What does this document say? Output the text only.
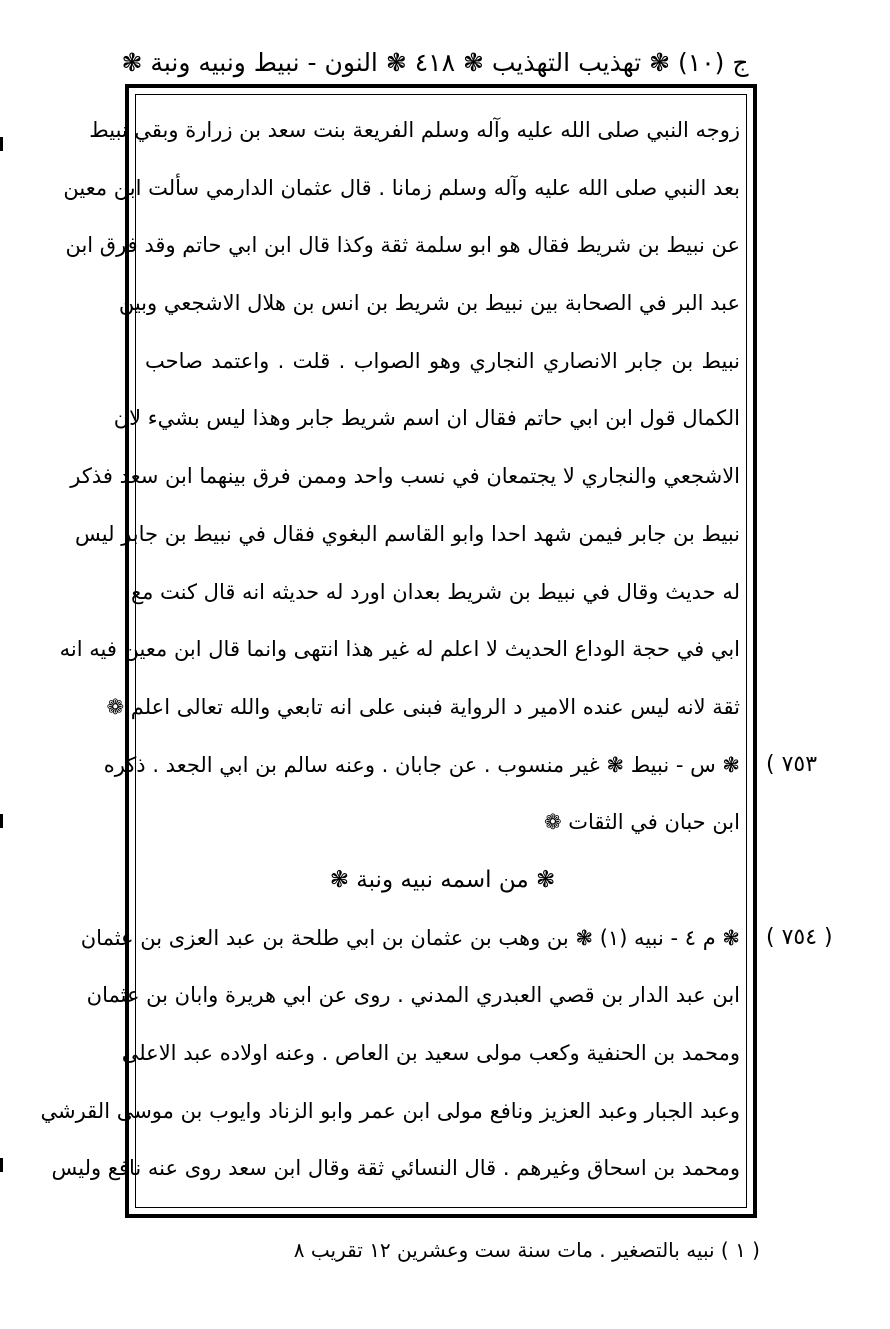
ج (١٠) ❃ تهذيب التهذيب ❃ ٤١٨ ❃ النون - نبيط ونبيه ونبة ❃
زوجه النبي صلى الله عليه وآله وسلم الفريعة بنت سعد بن زرارة وبقي نبيط
بعد النبي صلى الله عليه وآله وسلم زمانا . قال عثمان الدارمي سألت ابن معين
عن نبيط بن شريط فقال هو ابو سلمة ثقة وكذا قال ابن ابي حاتم وقد فرق ابن
عبد البر في الصحابة بين نبيط بن شريط بن انس بن هلال الاشجعي وبين
نبيط بن جابر الانصاري النجاري وهو الصواب . قلت . واعتمد صاحب
الكمال قول ابن ابي حاتم فقال ان اسم شريط جابر وهذا ليس بشيء لان
الاشجعي والنجاري لا يجتمعان في نسب واحد وممن فرق بينهما ابن سعد فذكر
نبيط بن جابر فيمن شهد احدا وابو القاسم البغوي فقال في نبيط بن جابر ليس
له حديث وقال في نبيط بن شريط بعدان اورد له حديثه انه قال كنت مع
ابي في حجة الوداع الحديث لا اعلم له غير هذا انتهى وانما قال ابن معين فيه انه
ثقة لانه ليس عنده الامير د الرواية فبنى على انه تابعي والله تعالى اعلم ❁
❃ س - نبيط ❃ غير منسوب . عن جابان . وعنه سالم بن ابي الجعد . ذكره
ابن حبان في الثقات ❁
❃ من اسمه نبيه ونبة ❃
❃ م ٤ - نبيه (١) ❃ بن وهب بن عثمان بن ابي طلحة بن عبد العزى بن عثمان
ابن عبد الدار بن قصي العبدري المدني . روى عن ابي هريرة وابان بن عثمان
ومحمد بن الحنفية وكعب مولى سعيد بن العاص . وعنه اولاده عبد الاعلى
وعبد الجبار وعبد العزيز ونافع مولى ابن عمر وابو الزناد وايوب بن موسى القرشي
ومحمد بن اسحاق وغيرهم . قال النسائي ثقة وقال ابن سعد روى عنه نافع وليس
٧٥٣ )
( ٧٥٤ )
( ١ ) نبيه بالتصغير . مات سنة ست وعشرين ١٢ تقريب ٨
